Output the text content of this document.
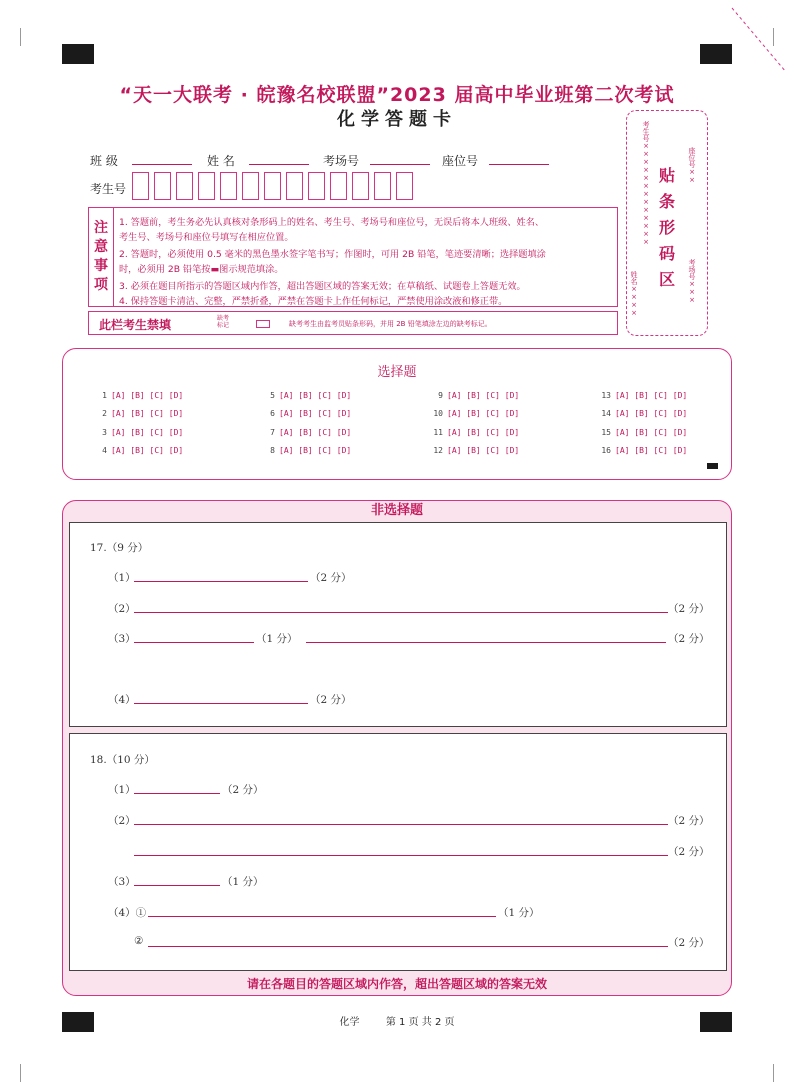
“天一大联考 · 皖豫名校联盟”2023 届高中毕业班第二次考试
化学答题卡
班 级	姓 名	考场号	座位号
考生号
注
意
事
项
1. 答题前，考生务必先认真核对条形码上的姓名、考生号、考场号和座位号，无误后将本人班级、姓名、
考生号、考场号和座位号填写在相应位置。
2. 答题时，必须使用 0.5 毫米的黑色墨水签字笔书写；作图时，可用 2B 铅笔，笔迹要清晰；选择题填涂
时，必须用 2B 铅笔按▬图示规范填涂。
3. 必须在题目所指示的答题区域内作答，超出答题区域的答案无效；在草稿纸、试题卷上答题无效。
4. 保持答题卡清洁、完整，严禁折叠，严禁在答题卡上作任何标记，严禁使用涂改液和修正带。
此栏考生禁填	缺考标记	缺考考生由监考员贴条形码，并用 2B 铅笔填涂左边的缺考标记。
贴条形码区
姓名××××
考生号×××××××××××××	座位号××
考场号×××
选择题
1 [A] [B] [C] [D]
2 [A] [B] [C] [D]
3 [A] [B] [C] [D]
4 [A] [B] [C] [D]
5 [A] [B] [C] [D]
6 [A] [B] [C] [D]
7 [A] [B] [C] [D]
8 [A] [B] [C] [D]
9 [A] [B] [C] [D]
10 [A] [B] [C] [D]
11 [A] [B] [C] [D]
12 [A] [B] [C] [D]
13 [A] [B] [C] [D]
14 [A] [B] [C] [D]
15 [A] [B] [C] [D]
16 [A] [B] [C] [D]
非选择题
17.（9 分）
（1）	（2 分）
（2）	（2 分）
（3）	（1 分）	（2 分）
（4）	（2 分）
18.（10 分）
（1）	（2 分）
（2）	（2 分）
（2 分）
（3）	（1 分）
（4）①	（1 分）
②	（2 分）
请在各题目的答题区域内作答，超出答题区域的答案无效
化学	第 1 页 共 2 页
